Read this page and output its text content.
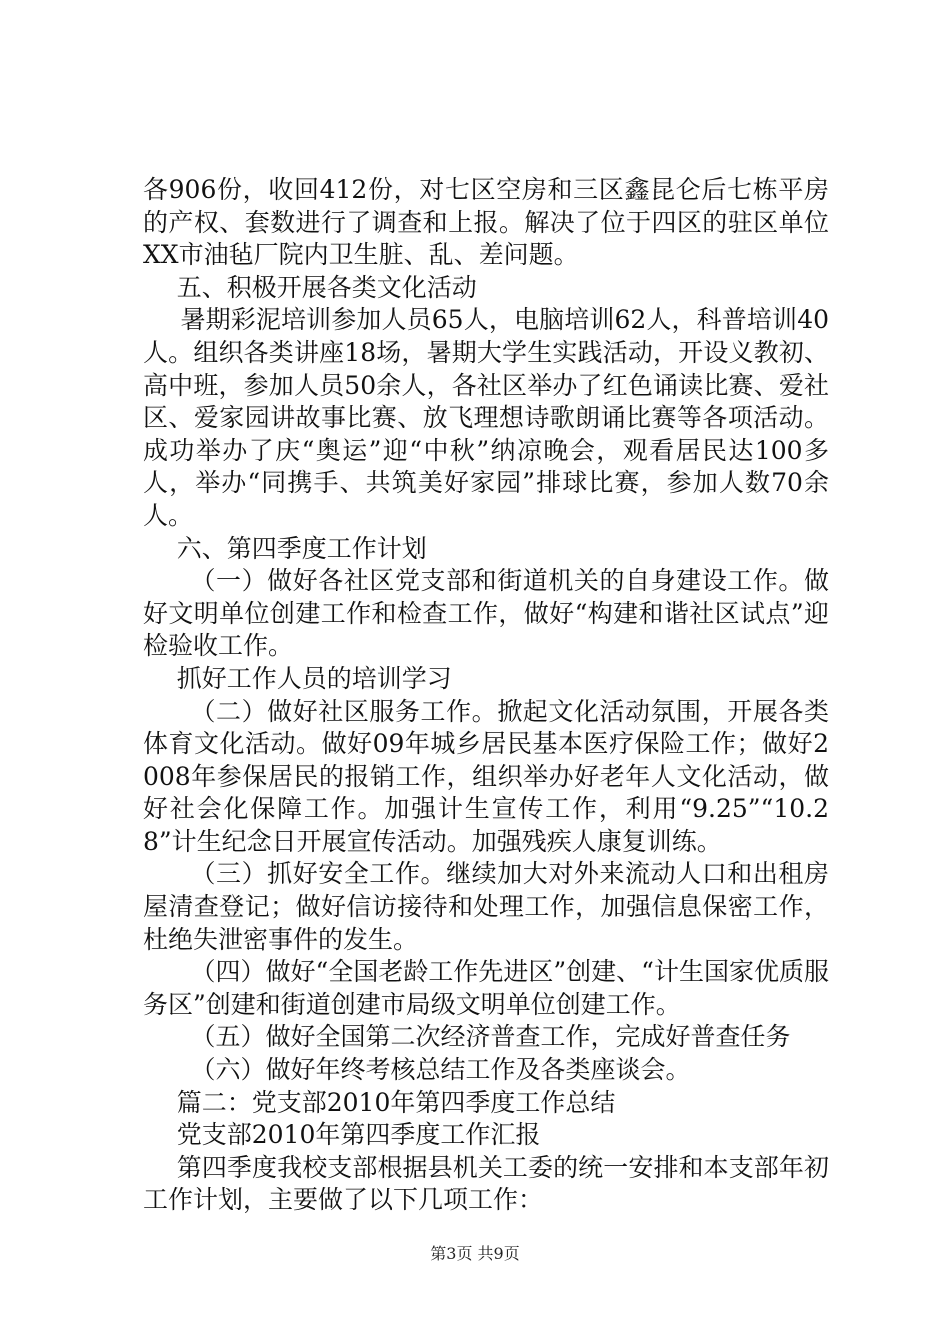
各906份，收回412份，对七区空房和三区鑫昆仑后七栋平房的产权、套数进行了调查和上报。解决了位于四区的驻区单位XX市油毡厂院内卫生脏、乱、差问题。

五、积极开展各类文化活动

暑期彩泥培训参加人员65人，电脑培训62人，科普培训40人。组织各类讲座18场，暑期大学生实践活动，开设义教初、高中班，参加人员50余人，各社区举办了红色诵读比赛、爱社区、爱家园讲故事比赛、放飞理想诗歌朗诵比赛等各项活动。成功举办了庆“奥运”迎“中秋”纳凉晚会，观看居民达100多人，举办“同携手、共筑美好家园”排球比赛，参加人数70余人。

六、第四季度工作计划

（一）做好各社区党支部和街道机关的自身建设工作。做好文明单位创建工作和检查工作，做好“构建和谐社区试点”迎检验收工作。

抓好工作人员的培训学习

（二）做好社区服务工作。掀起文化活动氛围，开展各类体育文化活动。做好09年城乡居民基本医疗保险工作；做好2008年参保居民的报销工作，组织举办好老年人文化活动，做好社会化保障工作。加强计生宣传工作，利用“9.25”“10.28”计生纪念日开展宣传活动。加强残疾人康复训练。

（三）抓好安全工作。继续加大对外来流动人口和出租房屋清查登记；做好信访接待和处理工作，加强信息保密工作，杜绝失泄密事件的发生。

（四）做好“全国老龄工作先进区”创建、“计生国家优质服务区”创建和街道创建市局级文明单位创建工作。

（五）做好全国第二次经济普查工作，完成好普查任务

（六）做好年终考核总结工作及各类座谈会。

篇二：党支部2010年第四季度工作总结

党支部2010年第四季度工作汇报

第四季度我校支部根据县机关工委的统一安排和本支部年初工作计划，主要做了以下几项工作：

第3页 共9页
